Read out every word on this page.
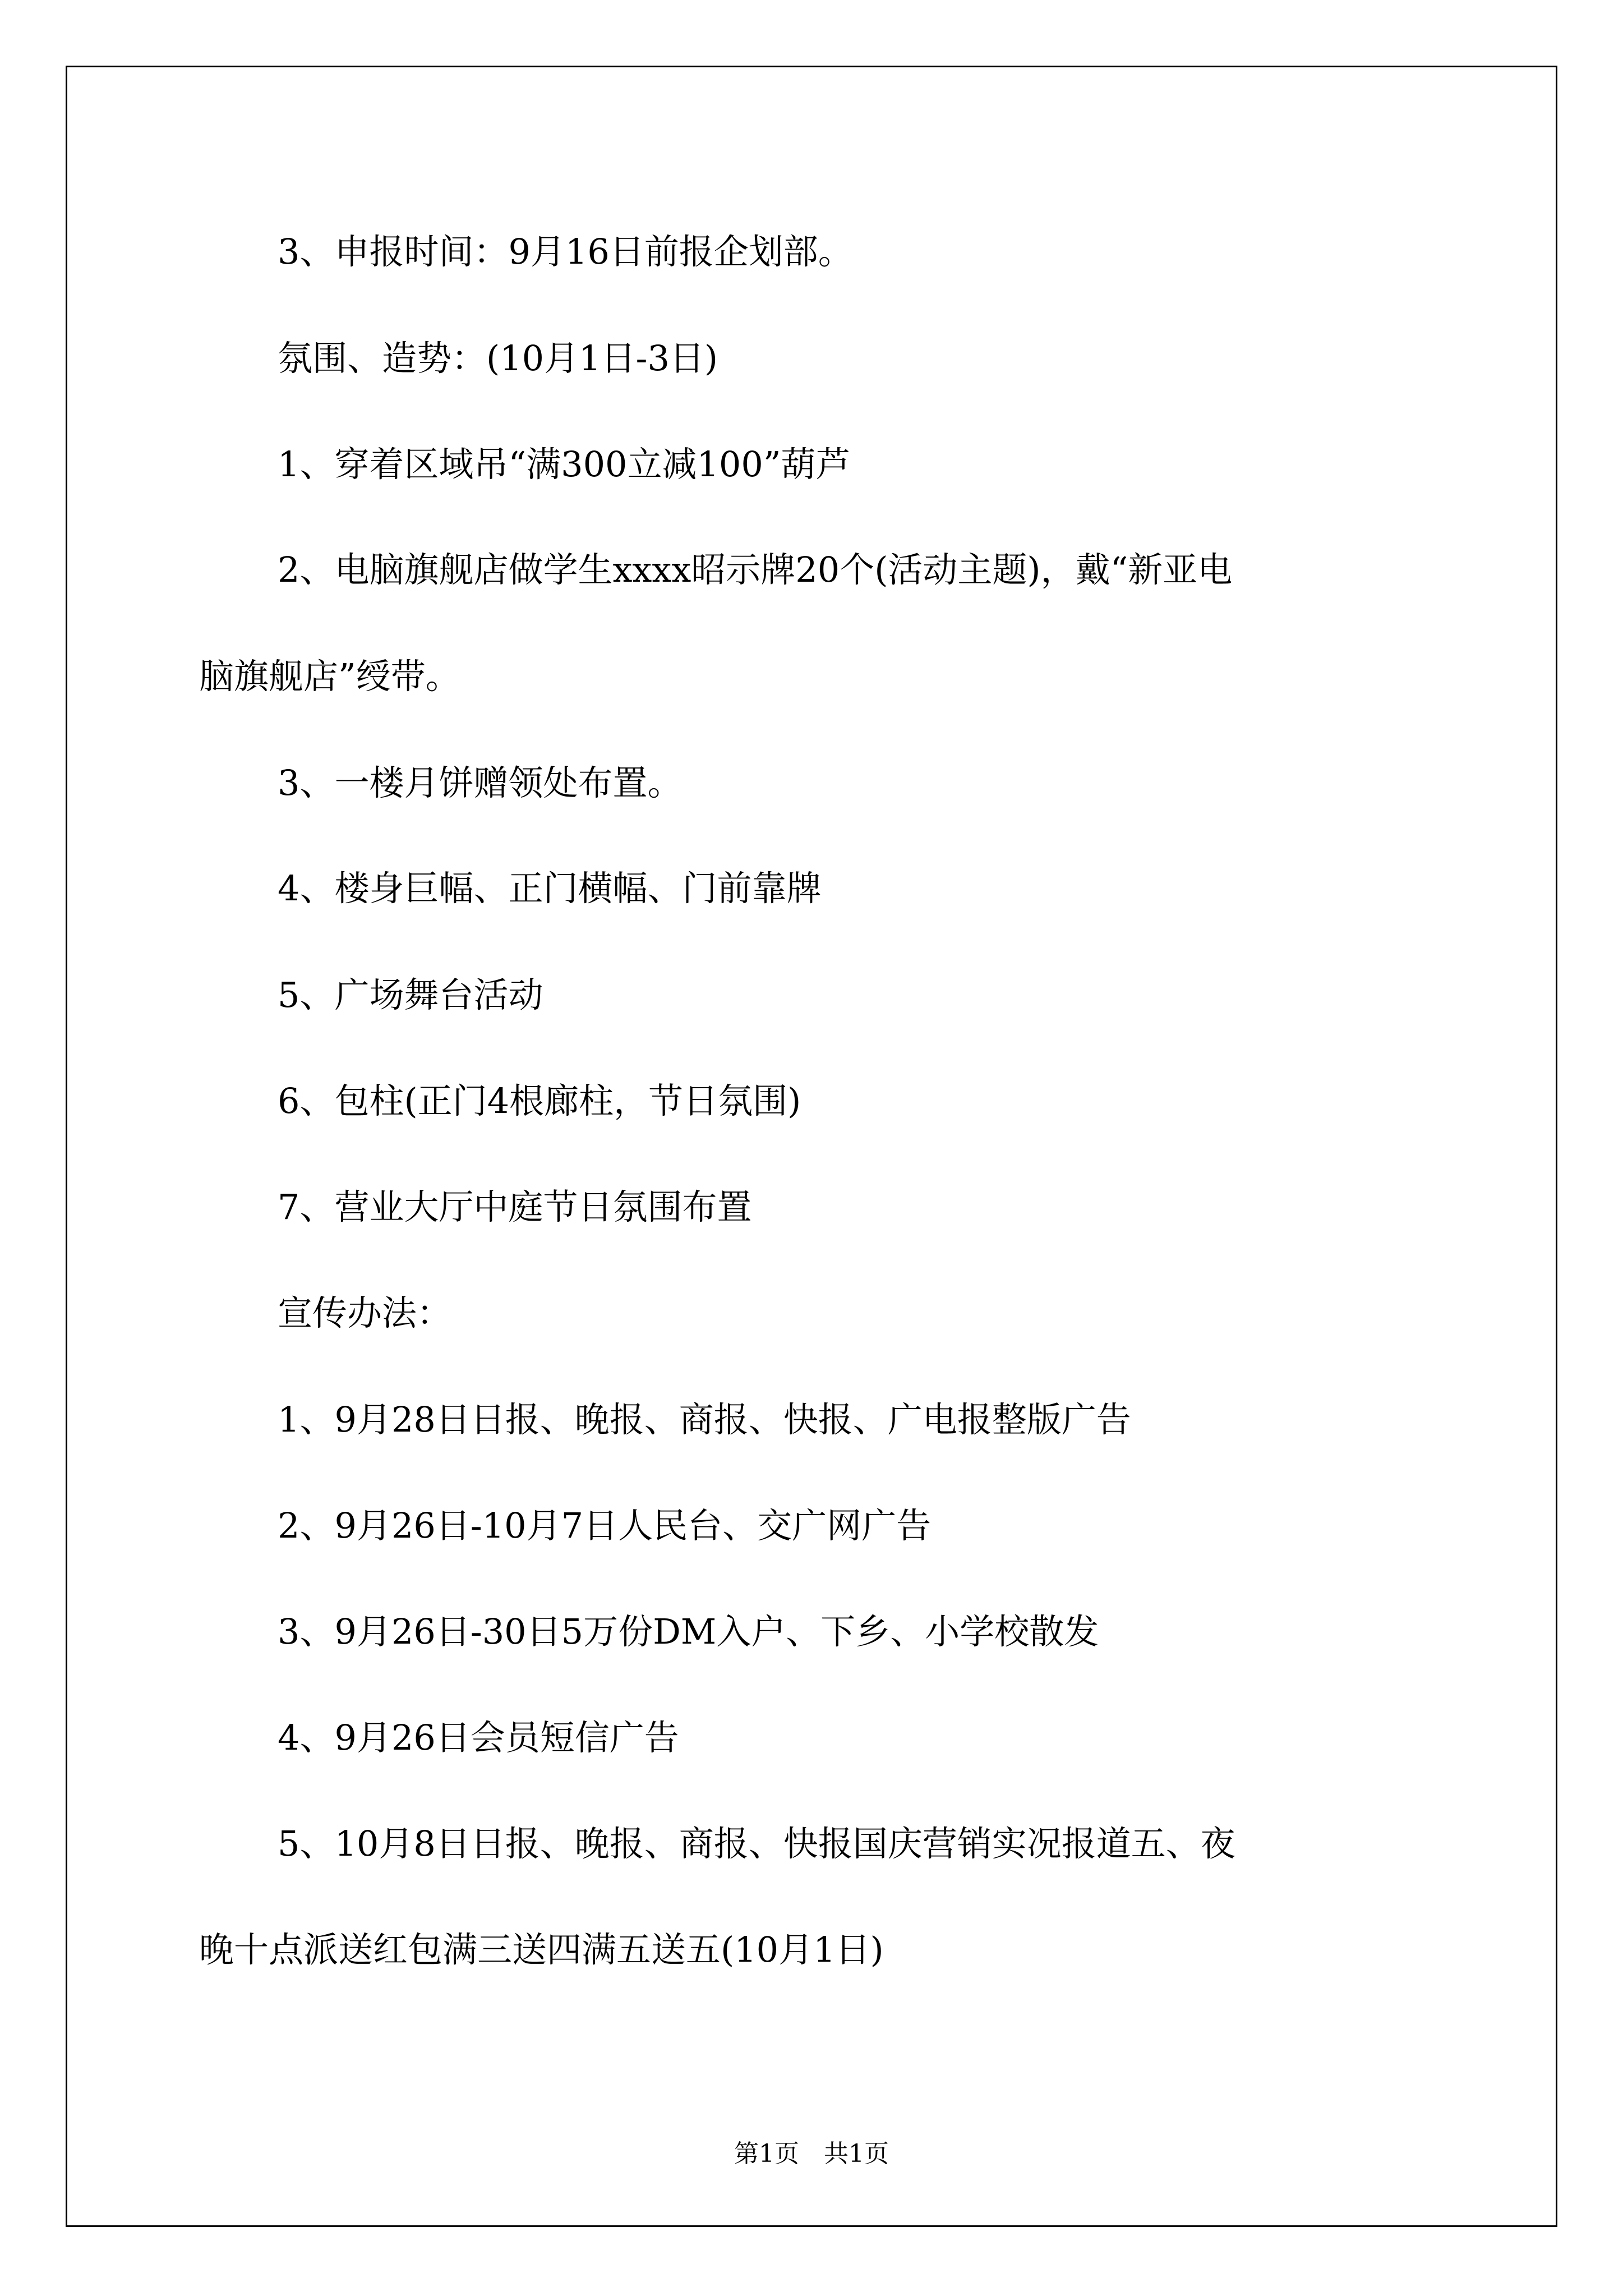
3、申报时间：9月16日前报企划部。

氛围、造势：(10月1日-3日)

1、穿着区域吊“满300立减100”葫芦

2、电脑旗舰店做学生xxxx昭示牌20个(活动主题)，戴“新亚电

脑旗舰店”绶带。

3、一楼月饼赠领处布置。

4、楼身巨幅、正门横幅、门前靠牌

5、广场舞台活动

6、包柱(正门4根廊柱，节日氛围)

7、营业大厅中庭节日氛围布置

宣传办法：

1、9月28日日报、晚报、商报、快报、广电报整版广告

2、9月26日-10月7日人民台、交广网广告

3、9月26日-30日5万份DM入户、下乡、小学校散发

4、9月26日会员短信广告

5、10月8日日报、晚报、商报、快报国庆营销实况报道五、夜

晚十点派送红包满三送四满五送五(10月1日)

第1页　共1页
